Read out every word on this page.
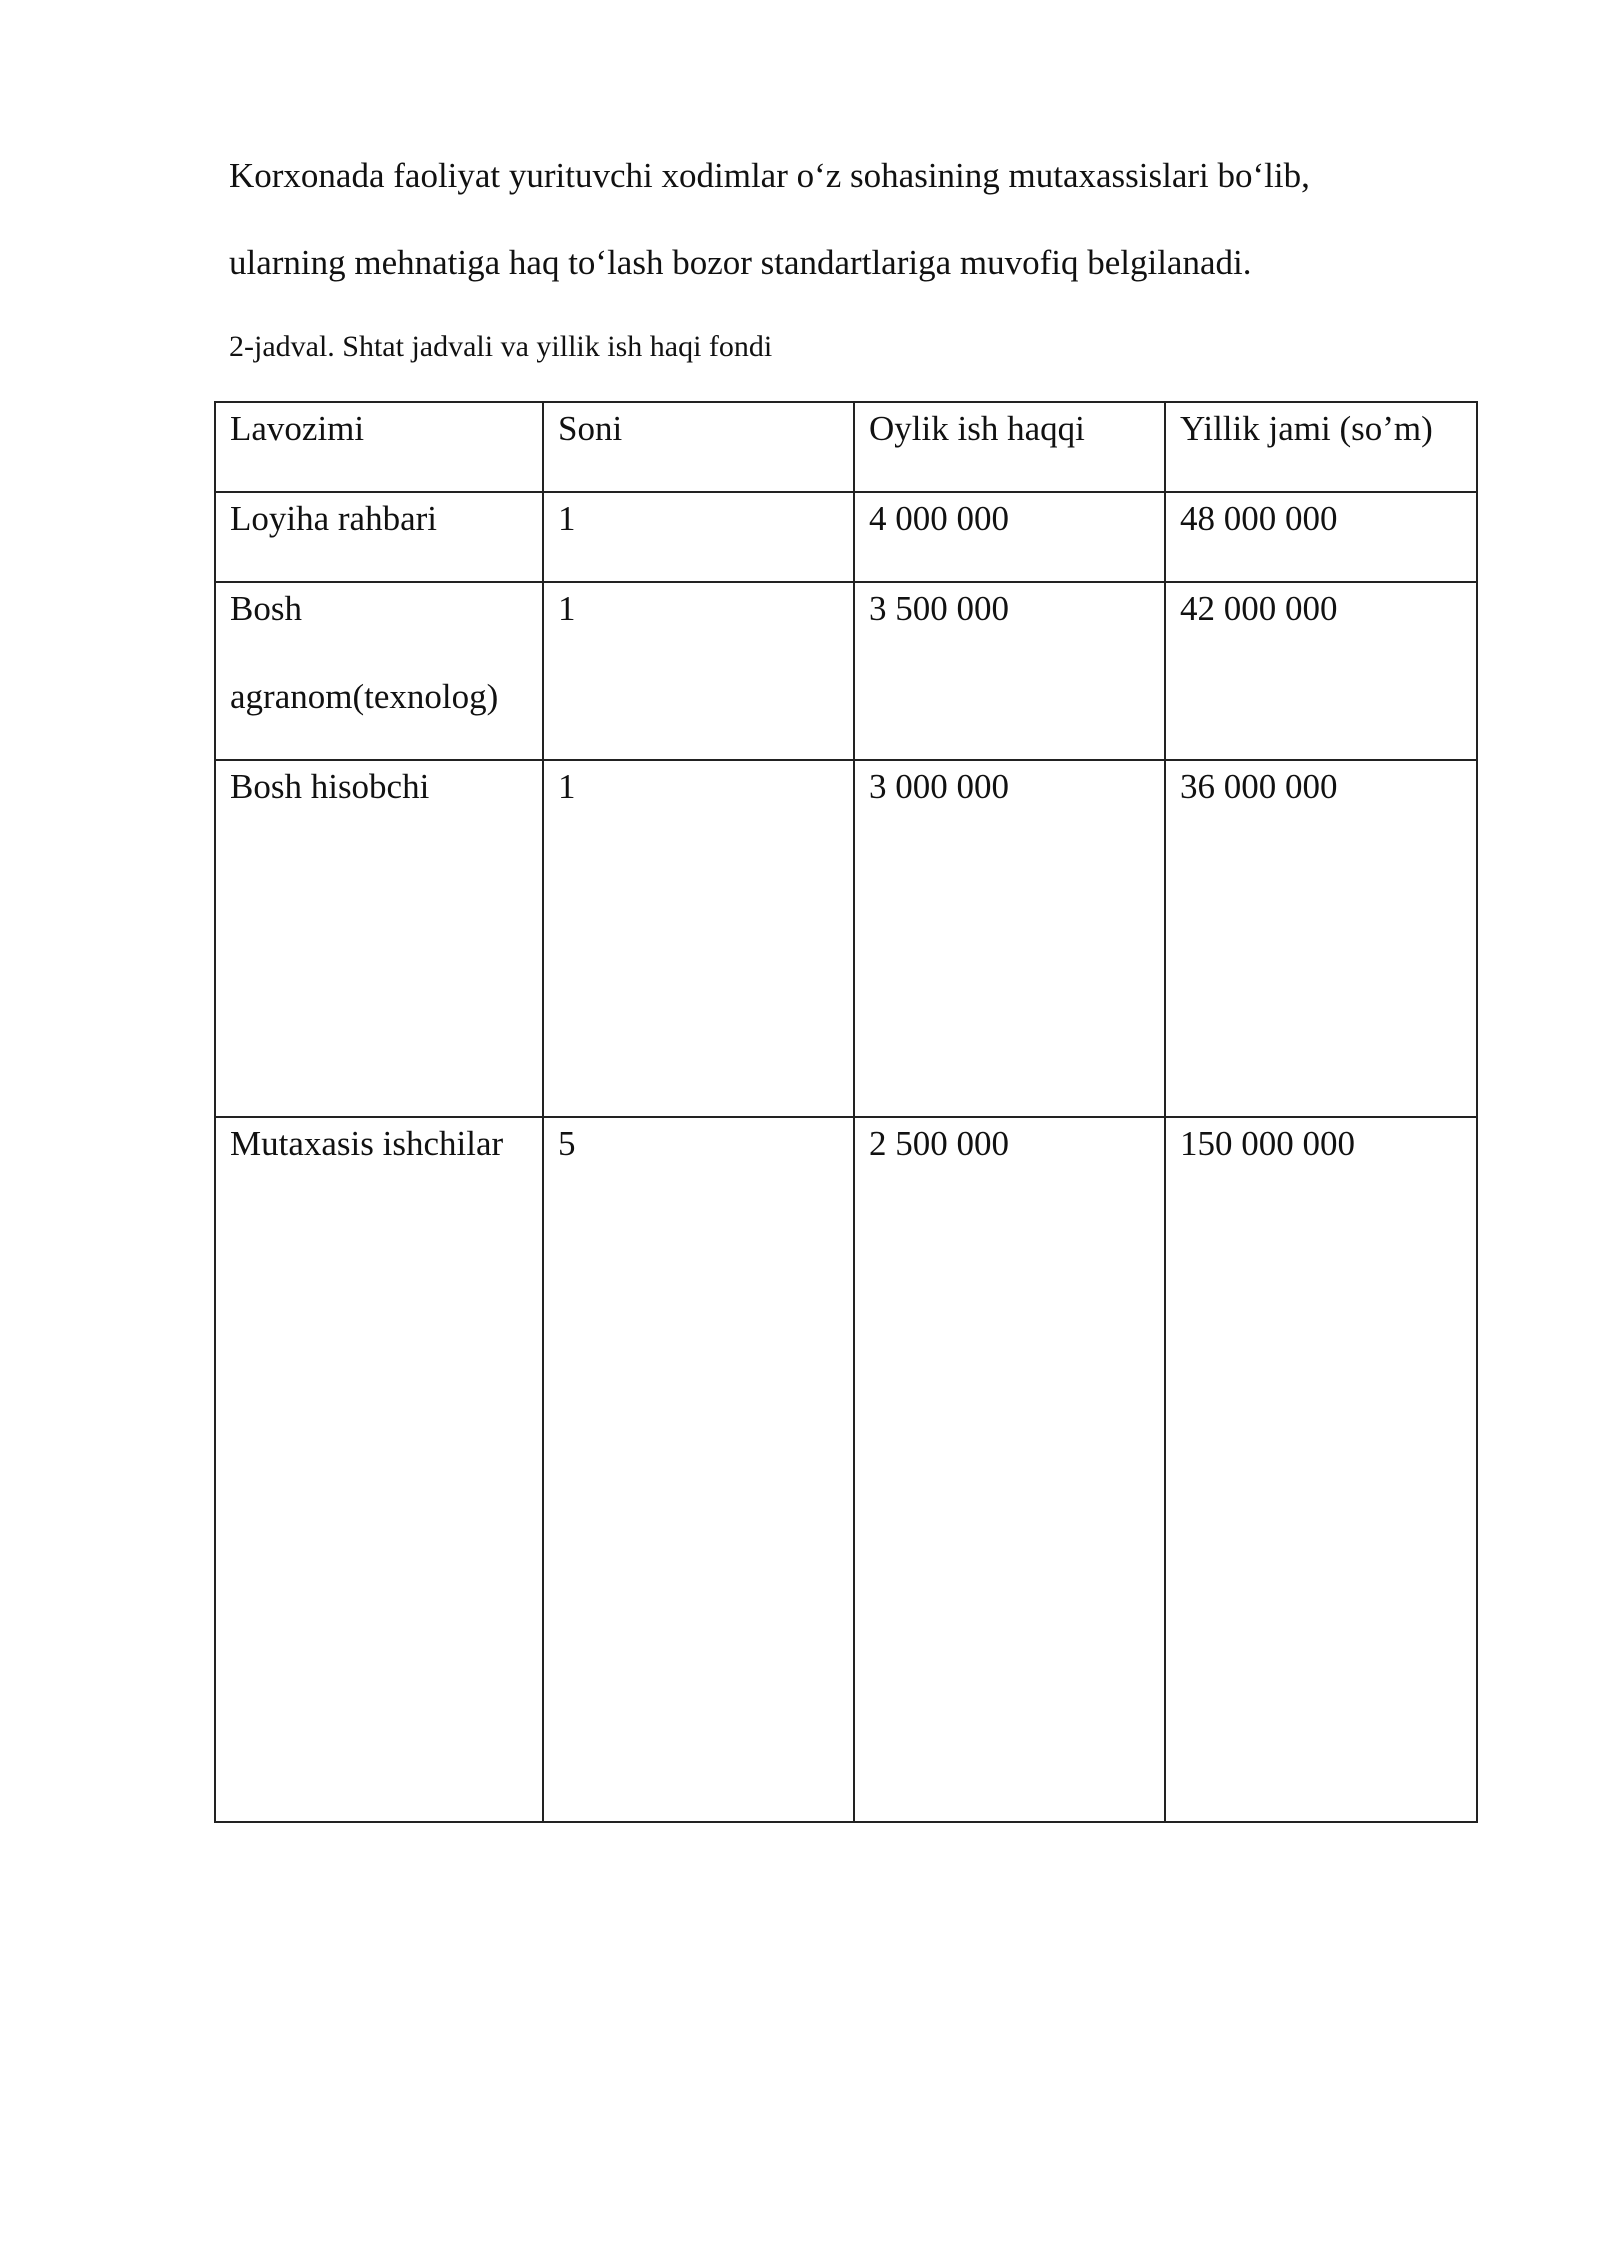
Korxonada faoliyat yurituvchi xodimlar o‘z sohasining mutaxassislari bo‘lib,
ularning mehnatiga haq to‘lash bozor standartlariga muvofiq belgilanadi.
2-jadval. Shtat jadvali va yillik ish haqi fondi
Lavozimi	Soni	Oylik ish haqqi	Yillik jami (so’m)

Loyiha rahbari	1	4 000 000	48 000 000

Bosh agranom(texnolog)	1	3 500 000	42 000 000

Bosh hisobchi	1	3 000 000	36 000 000

Mutaxasis ishchilar	5	2 500 000	150 000 000
